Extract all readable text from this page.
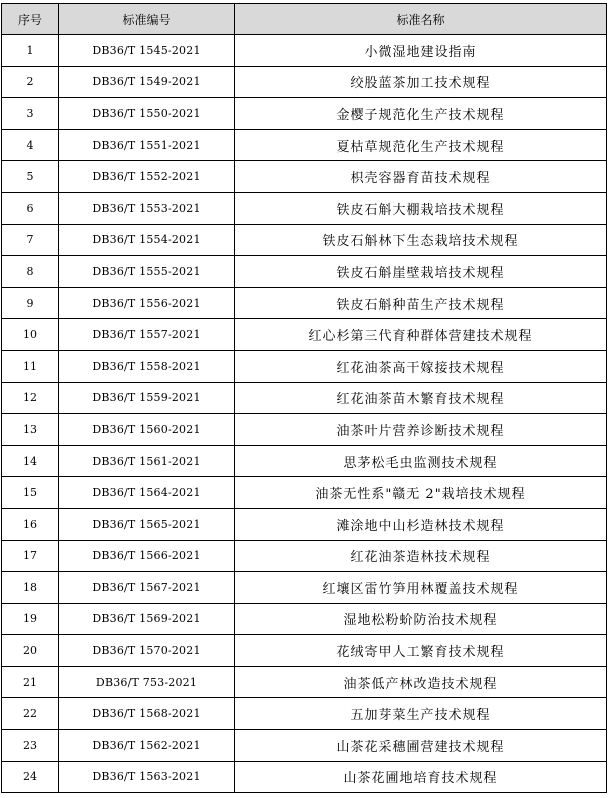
序号	标准编号	标准名称
1	DB36/T 1545-2021	小微湿地建设指南
2	DB36/T 1549-2021	绞股蓝茶加工技术规程
3	DB36/T 1550-2021	金樱子规范化生产技术规程
4	DB36/T 1551-2021	夏枯草规范化生产技术规程
5	DB36/T 1552-2021	枳壳容器育苗技术规程
6	DB36/T 1553-2021	铁皮石斛大棚栽培技术规程
7	DB36/T 1554-2021	铁皮石斛林下生态栽培技术规程
8	DB36/T 1555-2021	铁皮石斛崖壁栽培技术规程
9	DB36/T 1556-2021	铁皮石斛种苗生产技术规程
10	DB36/T 1557-2021	红心杉第三代育种群体营建技术规程
11	DB36/T 1558-2021	红花油茶高干嫁接技术规程
12	DB36/T 1559-2021	红花油茶苗木繁育技术规程
13	DB36/T 1560-2021	油茶叶片营养诊断技术规程
14	DB36/T 1561-2021	思茅松毛虫监测技术规程
15	DB36/T 1564-2021	油茶无性系"赣无 2"栽培技术规程
16	DB36/T 1565-2021	滩涂地中山杉造林技术规程
17	DB36/T 1566-2021	红花油茶造林技术规程
18	DB36/T 1567-2021	红壤区雷竹笋用林覆盖技术规程
19	DB36/T 1569-2021	湿地松粉蚧防治技术规程
20	DB36/T 1570-2021	花绒寄甲人工繁育技术规程
21	DB36/T 753-2021	油茶低产林改造技术规程
22	DB36/T 1568-2021	五加芽菜生产技术规程
23	DB36/T 1562-2021	山茶花采穗圃营建技术规程
24	DB36/T 1563-2021	山茶花圃地培育技术规程
